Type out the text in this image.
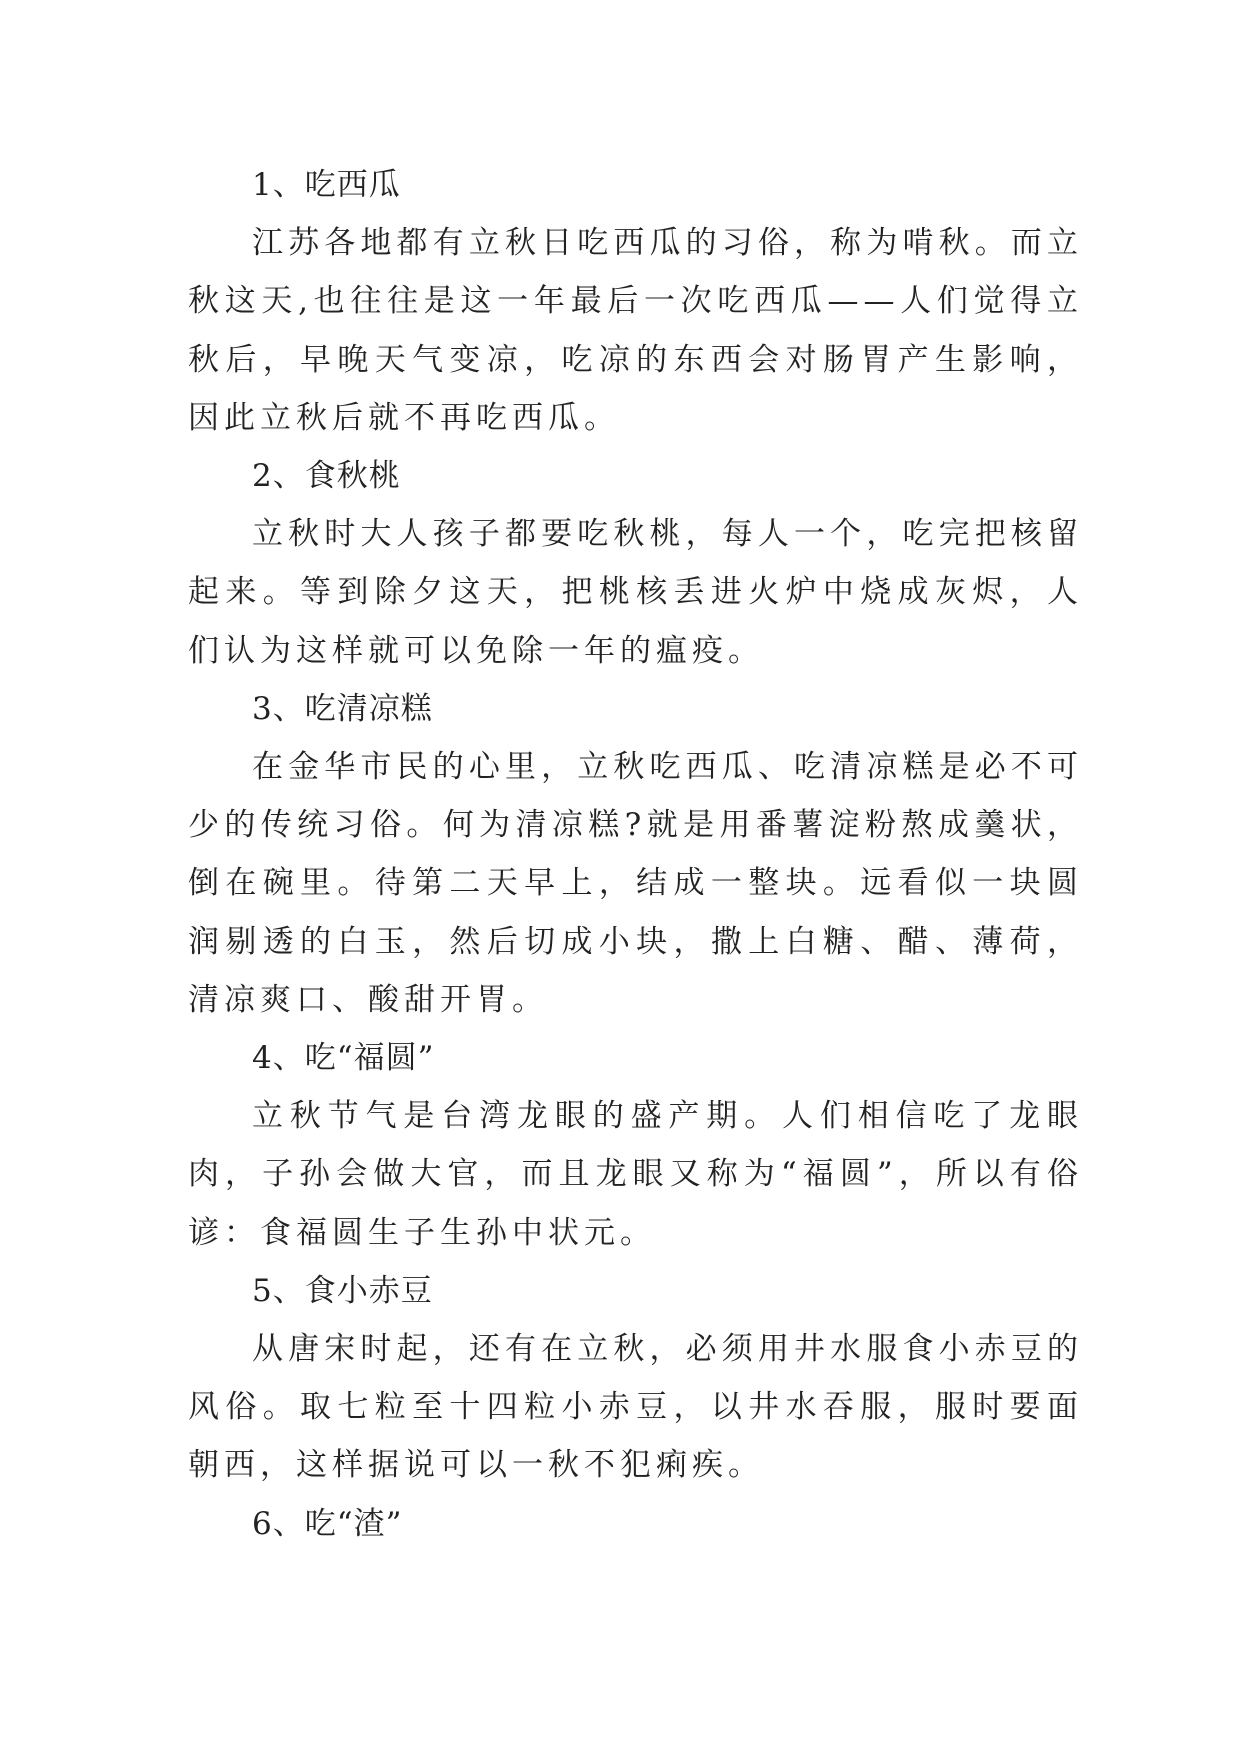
1、吃西瓜

江苏各地都有立秋日吃西瓜的习俗，称为啃秋。而立秋这天,也往往是这一年最后一次吃西瓜——人们觉得立秋后，早晚天气变凉，吃凉的东西会对肠胃产生影响，因此立秋后就不再吃西瓜。

2、食秋桃

立秋时大人孩子都要吃秋桃，每人一个，吃完把核留起来。等到除夕这天，把桃核丢进火炉中烧成灰烬，人们认为这样就可以免除一年的瘟疫。

3、吃清凉糕

在金华市民的心里，立秋吃西瓜、吃清凉糕是必不可少的传统习俗。何为清凉糕?就是用番薯淀粉熬成羹状，倒在碗里。待第二天早上，结成一整块。远看似一块圆润剔透的白玉，然后切成小块，撒上白糖、醋、薄荷，清凉爽口、酸甜开胃。

4、吃“福圆”

立秋节气是台湾龙眼的盛产期。人们相信吃了龙眼肉，子孙会做大官，而且龙眼又称为“福圆”，所以有俗谚：食福圆生子生孙中状元。

5、食小赤豆

从唐宋时起，还有在立秋，必须用井水服食小赤豆的风俗。取七粒至十四粒小赤豆，以井水吞服，服时要面朝西，这样据说可以一秋不犯痢疾。

6、吃“渣”
